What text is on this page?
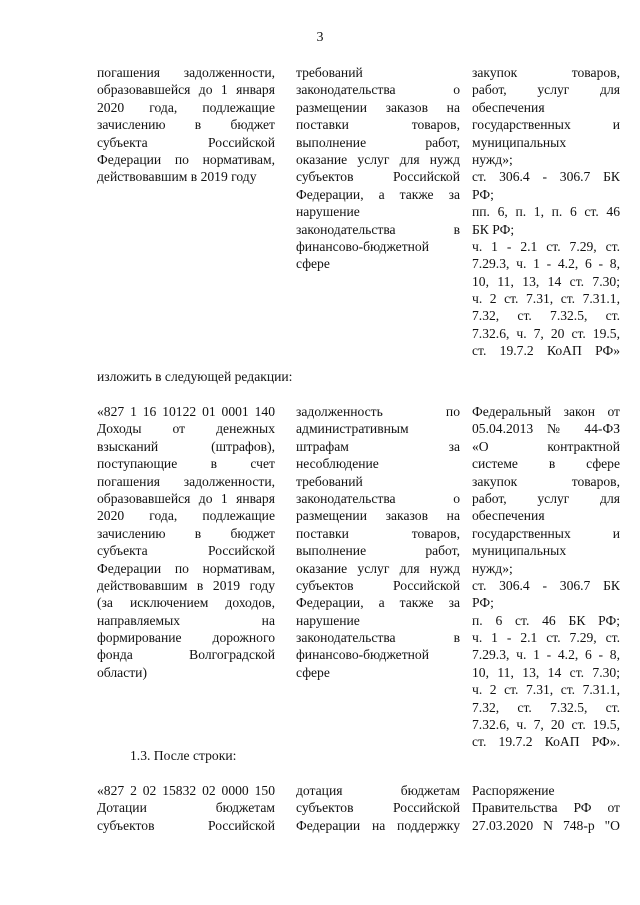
3
погашения задолженности,
образовавшейся до 1 января
2020 года, подлежащие
зачислению в бюджет
субъекта Российской
Федерации по нормативам,
действовавшим в 2019 году
требований
законодательства о
размещении заказов на
поставки товаров,
выполнение работ,
оказание услуг для нужд
субъектов Российской
Федерации, а также за
нарушение
законодательства в
финансово-бюджетной
сфере
закупок товаров,
работ, услуг для
обеспечения
государственных и
муниципальных
нужд»;
ст. 306.4 - 306.7 БК
РФ;
пп. 6, п. 1, п. 6 ст. 46
БК РФ;
ч. 1 - 2.1 ст. 7.29, ст.
7.29.3, ч. 1 - 4.2, 6 - 8,
10, 11, 13, 14 ст. 7.30;
ч. 2 ст. 7.31, ст. 7.31.1,
7.32, ст. 7.32.5, ст.
7.32.6, ч. 7, 20 ст. 19.5,
ст. 19.7.2 КоАП РФ»
изложить в следующей редакции:
«827 1 16 10122 01 0001 140
Доходы от денежных
взысканий (штрафов),
поступающие в счет
погашения задолженности,
образовавшейся до 1 января
2020 года, подлежащие
зачислению в бюджет
субъекта Российской
Федерации по нормативам,
действовавшим в 2019 году
(за исключением доходов,
направляемых на
формирование дорожного
фонда Волгоградской
области)
задолженность по
административным
штрафам за
несоблюдение
требований
законодательства о
размещении заказов на
поставки товаров,
выполнение работ,
оказание услуг для нужд
субъектов Российской
Федерации, а также за
нарушение
законодательства в
финансово-бюджетной
сфере
Федеральный закон от
05.04.2013 № 44-ФЗ
«О контрактной
системе в сфере
закупок товаров,
работ, услуг для
обеспечения
государственных и
муниципальных
нужд»;
ст. 306.4 - 306.7 БК
РФ;
п. 6 ст. 46 БК РФ;
ч. 1 - 2.1 ст. 7.29, ст.
7.29.3, ч. 1 - 4.2, 6 - 8,
10, 11, 13, 14 ст. 7.30;
ч. 2 ст. 7.31, ст. 7.31.1,
7.32, ст. 7.32.5, ст.
7.32.6, ч. 7, 20 ст. 19.5,
ст. 19.7.2 КоАП РФ».
1.3. После строки:
«827 2 02 15832 02 0000 150
Дотации бюджетам
субъектов Российской
дотация бюджетам
субъектов Российской
Федерации на поддержку
Распоряжение
Правительства РФ от
27.03.2020 N 748-р "О
